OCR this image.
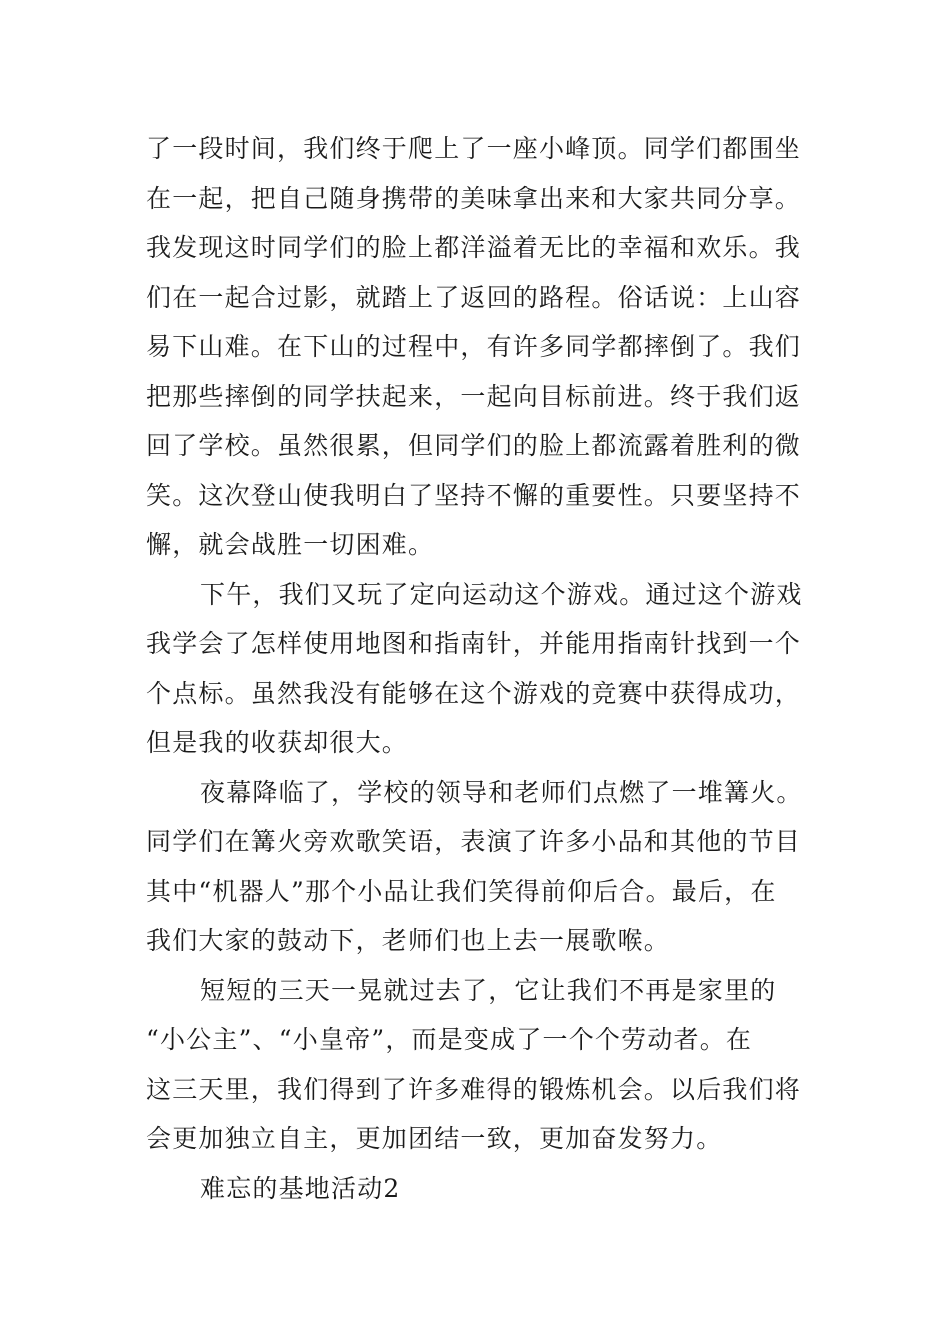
了一段时间，我们终于爬上了一座小峰顶。同学们都围坐
在一起，把自己随身携带的美味拿出来和大家共同分享。
我发现这时同学们的脸上都洋溢着无比的幸福和欢乐。我
们在一起合过影，就踏上了返回的路程。俗话说：上山容
易下山难。在下山的过程中，有许多同学都摔倒了。我们
把那些摔倒的同学扶起来，一起向目标前进。终于我们返
回了学校。虽然很累，但同学们的脸上都流露着胜利的微
笑。这次登山使我明白了坚持不懈的重要性。只要坚持不
懈，就会战胜一切困难。
下午，我们又玩了定向运动这个游戏。通过这个游戏
我学会了怎样使用地图和指南针，并能用指南针找到一个
个点标。虽然我没有能够在这个游戏的竞赛中获得成功，
但是我的收获却很大。
夜幕降临了，学校的领导和老师们点燃了一堆篝火。
同学们在篝火旁欢歌笑语，表演了许多小品和其他的节目
其中“机器人”那个小品让我们笑得前仰后合。最后，在
我们大家的鼓动下，老师们也上去一展歌喉。
短短的三天一晃就过去了，它让我们不再是家里的
“小公主”、“小皇帝”，而是变成了一个个劳动者。在
这三天里，我们得到了许多难得的锻炼机会。以后我们将
会更加独立自主，更加团结一致，更加奋发努力。
难忘的基地活动2
